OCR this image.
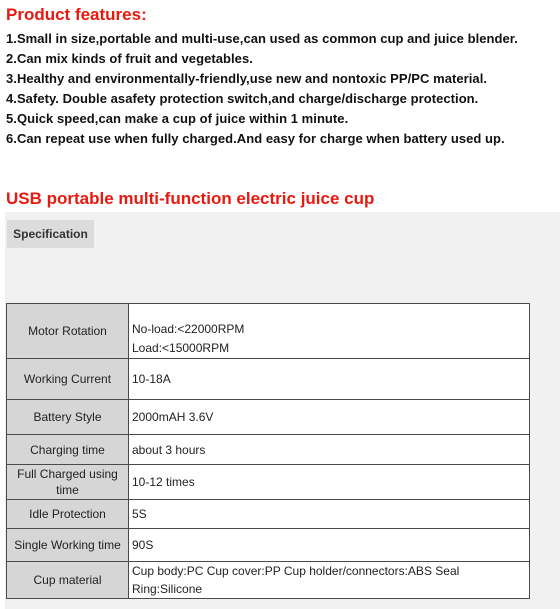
Product features:
1.Small in size,portable and multi-use,can used as common cup and juice blender.
2.Can mix kinds of fruit and vegetables.
3.Healthy and environmentally-friendly,use new and nontoxic PP/PC material.
4.Safety. Double asafety protection switch,and charge/discharge protection.
5.Quick speed,can make a cup of juice within 1 minute.
6.Can repeat use when fully charged.And easy for charge when battery used up.
USB portable multi-function electric juice cup
Specification
Motor Rotation	No-load:<22000RPM
Load:<15000RPM

Working Current	10-18A
Battery Style	2000mAH 3.6V
Charging time	about 3 hours
Full Charged using time	10-12 times
Idle Protection	5S
Single Working time	90S
Cup material	Cup body:PC Cup cover:PP Cup holder/connectors:ABS Seal Ring:Silicone
